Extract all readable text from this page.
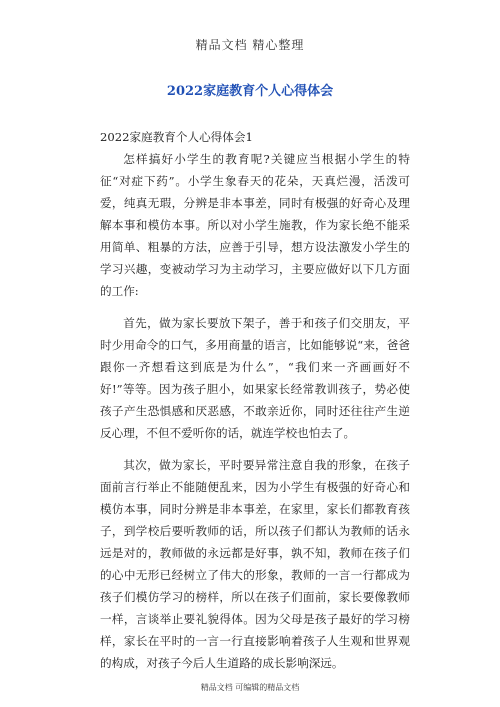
精品文档 精心整理
2022家庭教育个人心得体会

2022家庭教育个人心得体会1

怎样搞好小学生的教育呢?关键应当根据小学生的特征“对症下药”。小学生象春天的花朵，天真烂漫，活泼可爱，纯真无瑕，分辨是非本事差，同时有极强的好奇心及理解本事和模仿本事。所以对小学生施教，作为家长绝不能采用简单、粗暴的方法，应善于引导，想方设法激发小学生的学习兴趣，变被动学习为主动学习，主要应做好以下几方面的工作:

首先，做为家长要放下架子，善于和孩子们交朋友，平时少用命令的口气，多用商量的语言，比如能够说“来，爸爸跟你一齐想看这到底是为什么”，“我们来一齐画画好不好!”等等。因为孩子胆小，如果家长经常教训孩子，势必使孩子产生恐惧感和厌恶感，不敢亲近你，同时还往往产生逆反心理，不但不爱听你的话，就连学校也怕去了。

其次，做为家长，平时要异常注意自我的形象，在孩子面前言行举止不能随便乱来，因为小学生有极强的好奇心和模仿本事，同时分辨是非本事差，在家里，家长们都教育孩子，到学校后要听教师的话，所以孩子们都认为教师的话永远是对的，教师做的永远都是好事，孰不知，教师在孩子们的心中无形已经树立了伟大的形象，教师的一言一行都成为孩子们模仿学习的榜样，所以在孩子们面前，家长要像教师一样，言谈举止要礼貌得体。因为父母是孩子最好的学习榜样，家长在平时的一言一行直接影响着孩子人生观和世界观的构成，对孩子今后人生道路的成长影响深远。

精品文档 可编辑的精品文档
